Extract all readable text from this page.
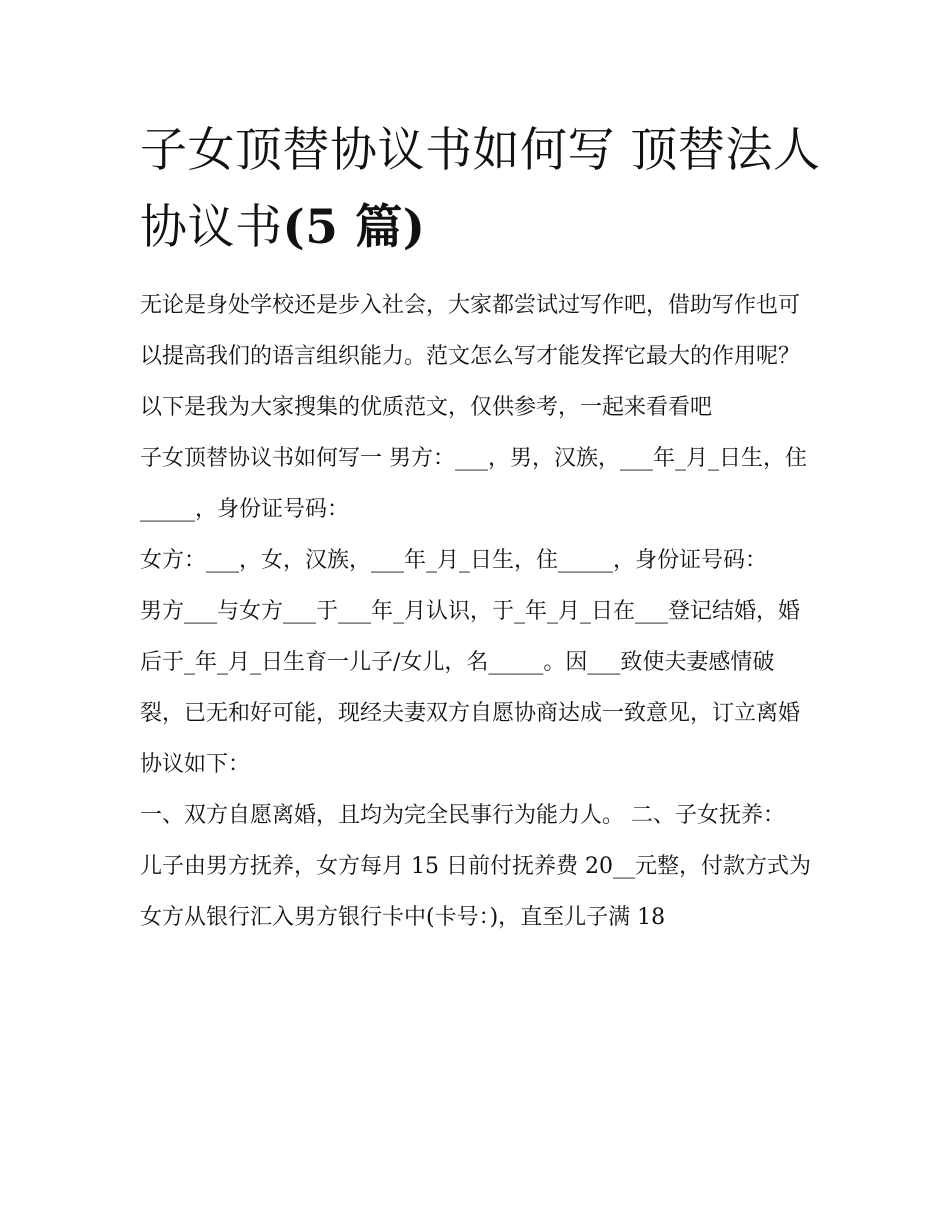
子女顶替协议书如何写 顶替法人协议书(5 篇)

无论是身处学校还是步入社会，大家都尝试过写作吧，借助写作也可以提高我们的语言组织能力。范文怎么写才能发挥它最大的作用呢？以下是我为大家搜集的优质范文，仅供参考，一起来看看吧

子女顶替协议书如何写一 男方：___，男，汉族，___年_月_日生，住_____，身份证号码：

女方：___，女，汉族，___年_月_日生，住_____，身份证号码：

男方___与女方___于___年_月认识，于_年_月_日在___登记结婚，婚后于_年_月_日生育一儿子/女儿，名_____。因___致使夫妻感情破裂，已无和好可能，现经夫妻双方自愿协商达成一致意见，订立离婚协议如下：

一、双方自愿离婚，且均为完全民事行为能力人。 二、子女抚养：

儿子由男方抚养，女方每月 15 日前付抚养费 20__元整，付款方式为女方从银行汇入男方银行卡中(卡号：)，直至儿子满 18
